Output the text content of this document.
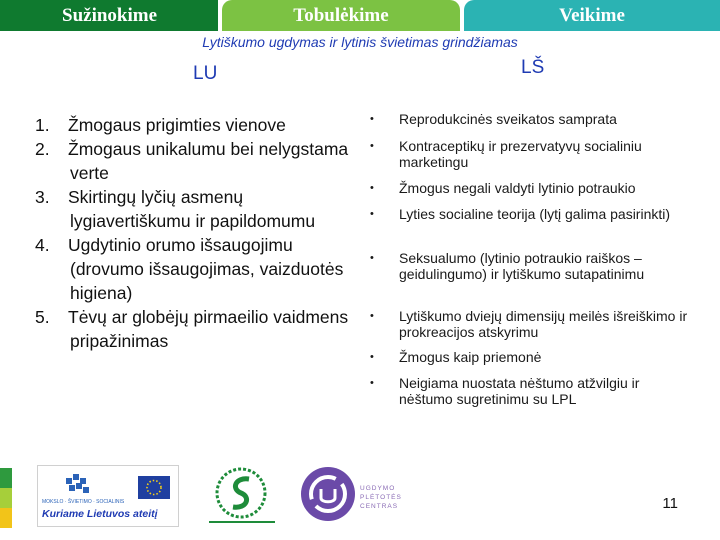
Sužinokime	Tobulėkime	Veikime
Lytiškumo ugdymas ir lytinis švietimas grindžiamas
LU	LŠ
1. Žmogaus prigimties vienove
2. Žmogaus unikalumu bei nelygstama verte
3. Skirtingų lyčių asmenų lygiavertiškumu ir papildomumu
4. Ugdytinio orumo išsaugojimu (drovumo išsaugojimas, vaizduotės higiena)
5. Tėvų ar globėjų pirmaeilio vaidmens pripažinimas
• Reprodukcinės sveikatos samprata
• Kontraceptikų ir prezervatyvų socialiniu marketingu
• Žmogus negali valdyti lytinio potraukio
• Lyties socialine teorija (lytį galima pasirinkti)
• Seksualumo (lytinio potraukio raiškos – geidulingumo) ir lytiškumo sutapatinimu
• Lytiškumo dviejų dimensijų meilės išreiškimo ir prokreacijos atskyrimu
• Žmogus kaip priemonė
• Neigiama nuostata nėštumo atžvilgiu ir nėštumo sugretinimu su LPL
MOKSLO · ŠVIETIMO · SOCIALINIS
Kuriame Lietuvos ateitį
UGDYMO PLĖTOTĖS CENTRAS	11
